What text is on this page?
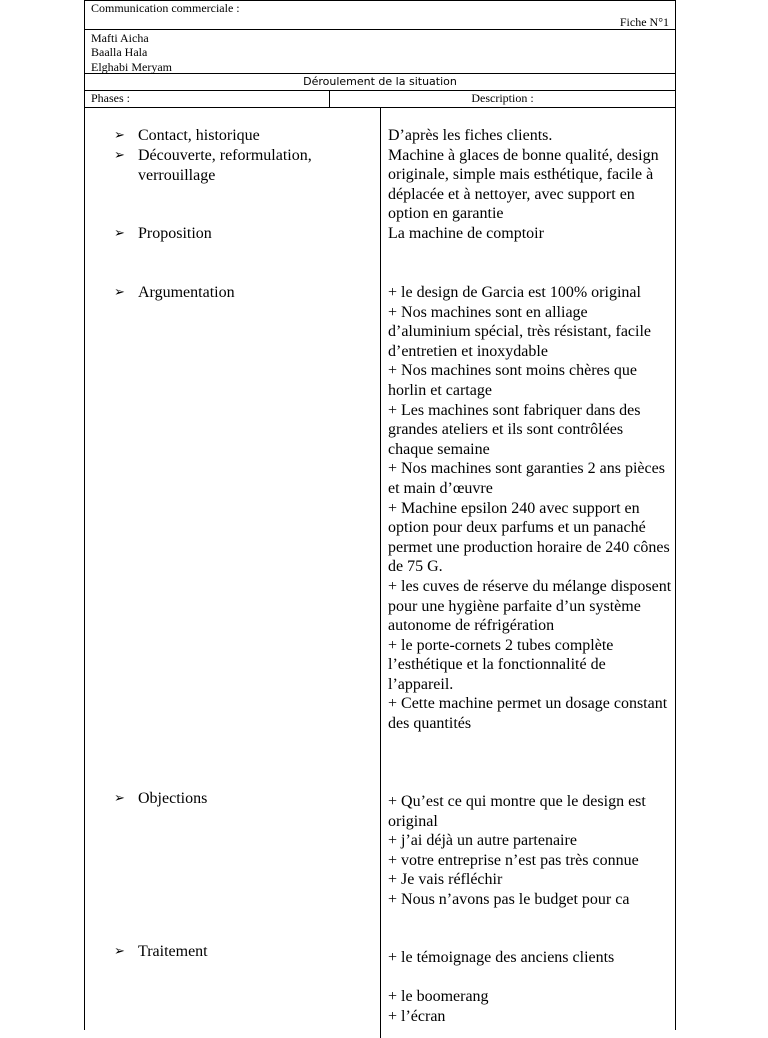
Communication commerciale :
Fiche N°1
Mafti Aicha
Baalla Hala
Elghabi Meryam
Déroulement de la situation
Phases :	Description :
➢ Contact, historique
➢ Découverte, reformulation, verrouillage
➢ Proposition
➢ Argumentation
➢ Objections
➢ Traitement
D’après les fiches clients.
Machine à glaces de bonne qualité, design originale, simple mais esthétique, facile à déplacée et à nettoyer, avec support en option en garantie
La machine de comptoir
+ le design de Garcia est 100% original
+ Nos machines sont en alliage d’aluminium spécial, très résistant, facile d’entretien et inoxydable
+ Nos machines sont moins chères que horlin et cartage
+ Les machines sont fabriquer dans des grandes ateliers et ils sont contrôlées chaque semaine
+ Nos machines sont garanties 2 ans pièces et main d’œuvre
+ Machine epsilon 240 avec support en option pour deux parfums et un panaché permet une production horaire de 240 cônes de 75 G.
+ les cuves de réserve du mélange disposent pour une hygiène parfaite d’un système autonome de réfrigération
+ le porte-cornets 2 tubes complète l’esthétique et la fonctionnalité de l’appareil.
+ Cette machine permet un dosage constant des quantités
+ Qu’est ce qui montre que le design est original
+ j’ai déjà un autre partenaire
+ votre entreprise n’est pas très connue
+ Je vais réfléchir
+ Nous n’avons pas le budget pour ca
+ le témoignage des anciens clients
+ le boomerang
+ l’écran
